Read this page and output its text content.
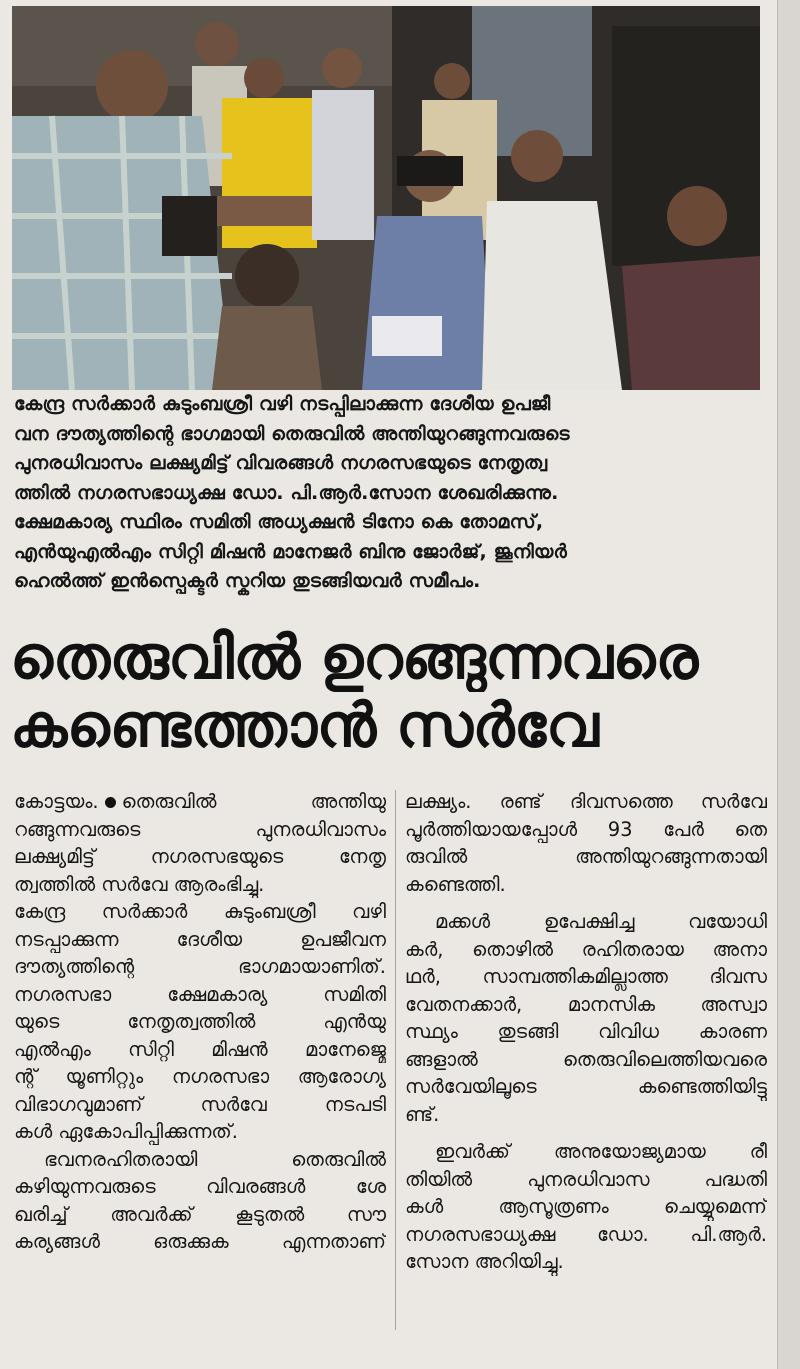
കേന്ദ്ര സർക്കാർ കുടുംബശ്രീ വഴി നടപ്പിലാക്കുന്ന ദേശീയ ഉപജീ
വന ദൗത്യത്തിന്റെ ഭാഗമായി തെരുവിൽ അന്തിയുറങ്ങുന്നവരുടെ
പുനരധിവാസം ലക്ഷ്യമിട്ട് വിവരങ്ങൾ നഗരസഭയുടെ നേതൃത്വ
ത്തിൽ നഗരസഭാധ്യക്ഷ ഡോ. പി.ആർ.സോന ശേഖരിക്കുന്നു.
ക്ഷേമകാര്യ സ്ഥിരം സമിതി അധ്യക്ഷൻ ടിനോ കെ തോമസ്,
എൻയുഎൽഎം സിറ്റി മിഷൻ മാനേജർ ബിനു ജോർജ്, ജൂനിയർ
ഹെൽത്ത് ഇൻസ്പെക്ടർ സ്കറിയ തുടങ്ങിയവർ സമീപം.
തെരുവിൽ ഉറങ്ങുന്നവരെ
കണ്ടെത്താൻ സർവേ
കോട്ടയം. തെരുവിൽ അന്തിയു
റങ്ങുന്നവരുടെ പുനരധിവാസം
ലക്ഷ്യമിട്ട് നഗരസഭയുടെ നേതൃ
ത്വത്തിൽ സർവേ ആരംഭിച്ചു.
കേന്ദ്ര സർക്കാർ കുടുംബശ്രീ വഴി
നടപ്പാക്കുന്ന ദേശീയ ഉപജീവന
ദൗത്യത്തിന്റെ ഭാഗമായാണിത്.
നഗരസഭാ ക്ഷേമകാര്യ സമിതി
യുടെ നേതൃത്വത്തിൽ എൻയു
എൽഎം സിറ്റി മിഷൻ മാനേജ്മെ
ന്റ് യൂണിറ്റും നഗരസഭാ ആരോഗ്യ
വിഭാഗവുമാണ് സർവേ നടപടി
കൾ ഏകോപിപ്പിക്കുന്നത്.
ഭവനരഹിതരായി തെരുവിൽ
കഴിയുന്നവരുടെ വിവരങ്ങൾ ശേ
ഖരിച്ച് അവർക്ക് കൂടുതൽ സൗ
കര്യങ്ങൾ ഒരുക്കുക എന്നതാണ്
ലക്ഷ്യം. രണ്ട് ദിവസത്തെ സർവേ
പൂർത്തിയായപ്പോൾ 93 പേർ തെ
രുവിൽ അന്തിയുറങ്ങുന്നതായി
കണ്ടെത്തി.
മക്കൾ ഉപേക്ഷിച്ച വയോധി
കർ, തൊഴിൽ രഹിതരായ അനാ
ഥർ, സാമ്പത്തികമില്ലാത്ത ദിവസ
വേതനക്കാർ, മാനസിക അസ്വാ
സ്ഥ്യം തുടങ്ങി വിവിധ കാരണ
ങ്ങളാൽ തെരുവിലെത്തിയവരെ
സർവേയിലൂടെ കണ്ടെത്തിയിട്ടു
ണ്ട്.
ഇവർക്ക് അനുയോജ്യമായ രീ
തിയിൽ പുനരധിവാസ പദ്ധതി
കൾ ആസൂത്രണം ചെയ്യുമെന്ന്
നഗരസഭാധ്യക്ഷ ഡോ. പി.ആർ.
സോന അറിയിച്ചു.
